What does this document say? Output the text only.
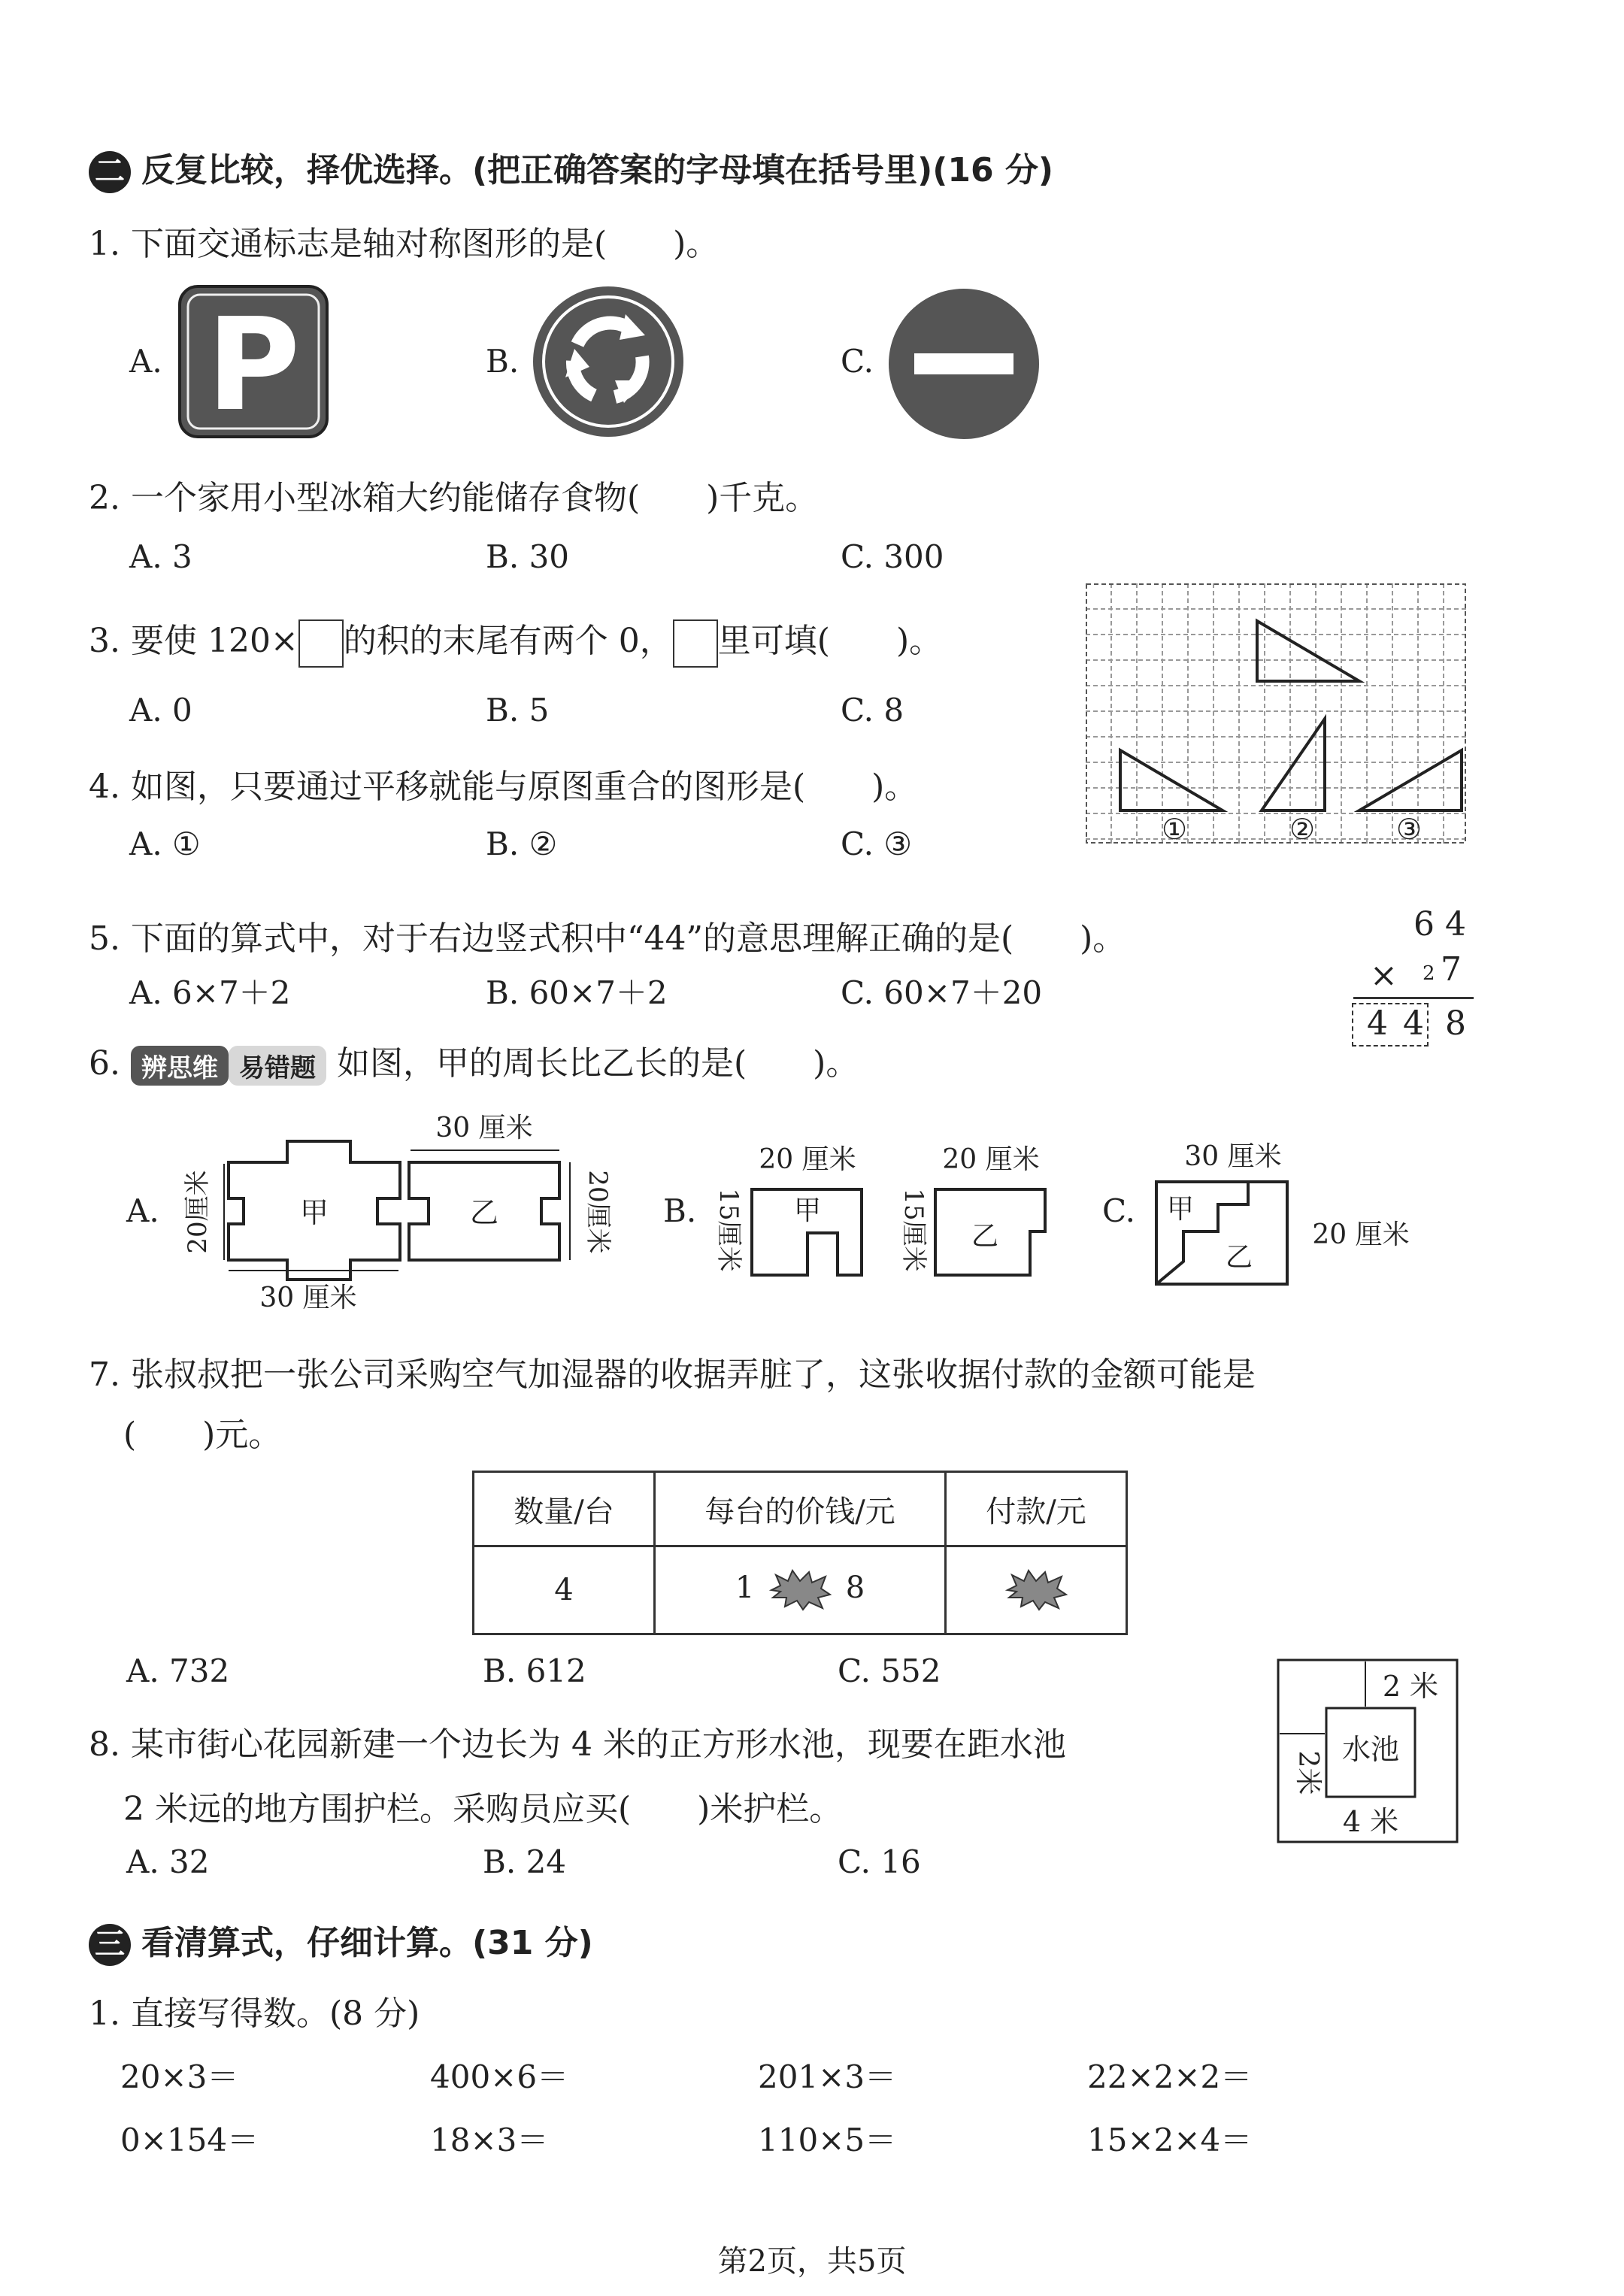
二 反复比较，择优选择。(把正确答案的字母填在括号里)(16 分)
1. 下面交通标志是轴对称图形的是(　　)。
A. P	B.	C.
2. 一个家用小型冰箱大约能储存食物(　　)千克。
A. 3	B. 30	C. 300
3. 要使 120× 的积的末尾有两个 0， 里可填(　　)。
A. 0	B. 5	C. 8
①	②	③
4. 如图，只要通过平移就能与原图重合的图形是(　　)。
A. ①	B. ②	C. ③
5. 下面的算式中，对于右边竖式积中“44”的意思理解正确的是(　　)。
A. 6×7＋2	B. 60×7＋2	C. 60×7＋20
6 4
× 2 7
4 4 8
6. 辨思维 易错题 如图，甲的周长比乙长的是(　　)。
A.
30 厘米
30 厘米
甲	乙
20厘米	20厘米 B.
20 厘米	20 厘米
甲
乙
15厘米	15厘米	C.
30 厘米
20 厘米
甲
乙
7. 张叔叔把一张公司采购空气加湿器的收据弄脏了，这张收据付款的金额可能是
(　　)元。
数量/台	每台的价钱/元	付款/元
4	1 8	
A. 732	B. 612	C. 552
8. 某市街心花园新建一个边长为 4 米的正方形水池，现要在距水池
2 米远的地方围护栏。采购员应买(　　)米护栏。
A. 32	B. 24	C. 16
2 米
水池
4 米
2米
三 看清算式，仔细计算。(31 分)
1. 直接写得数。(8 分)
20×3＝	400×6＝	201×3＝	22×2×2＝
0×154＝	18×3＝	110×5＝	15×2×4＝
第2页，共5页
